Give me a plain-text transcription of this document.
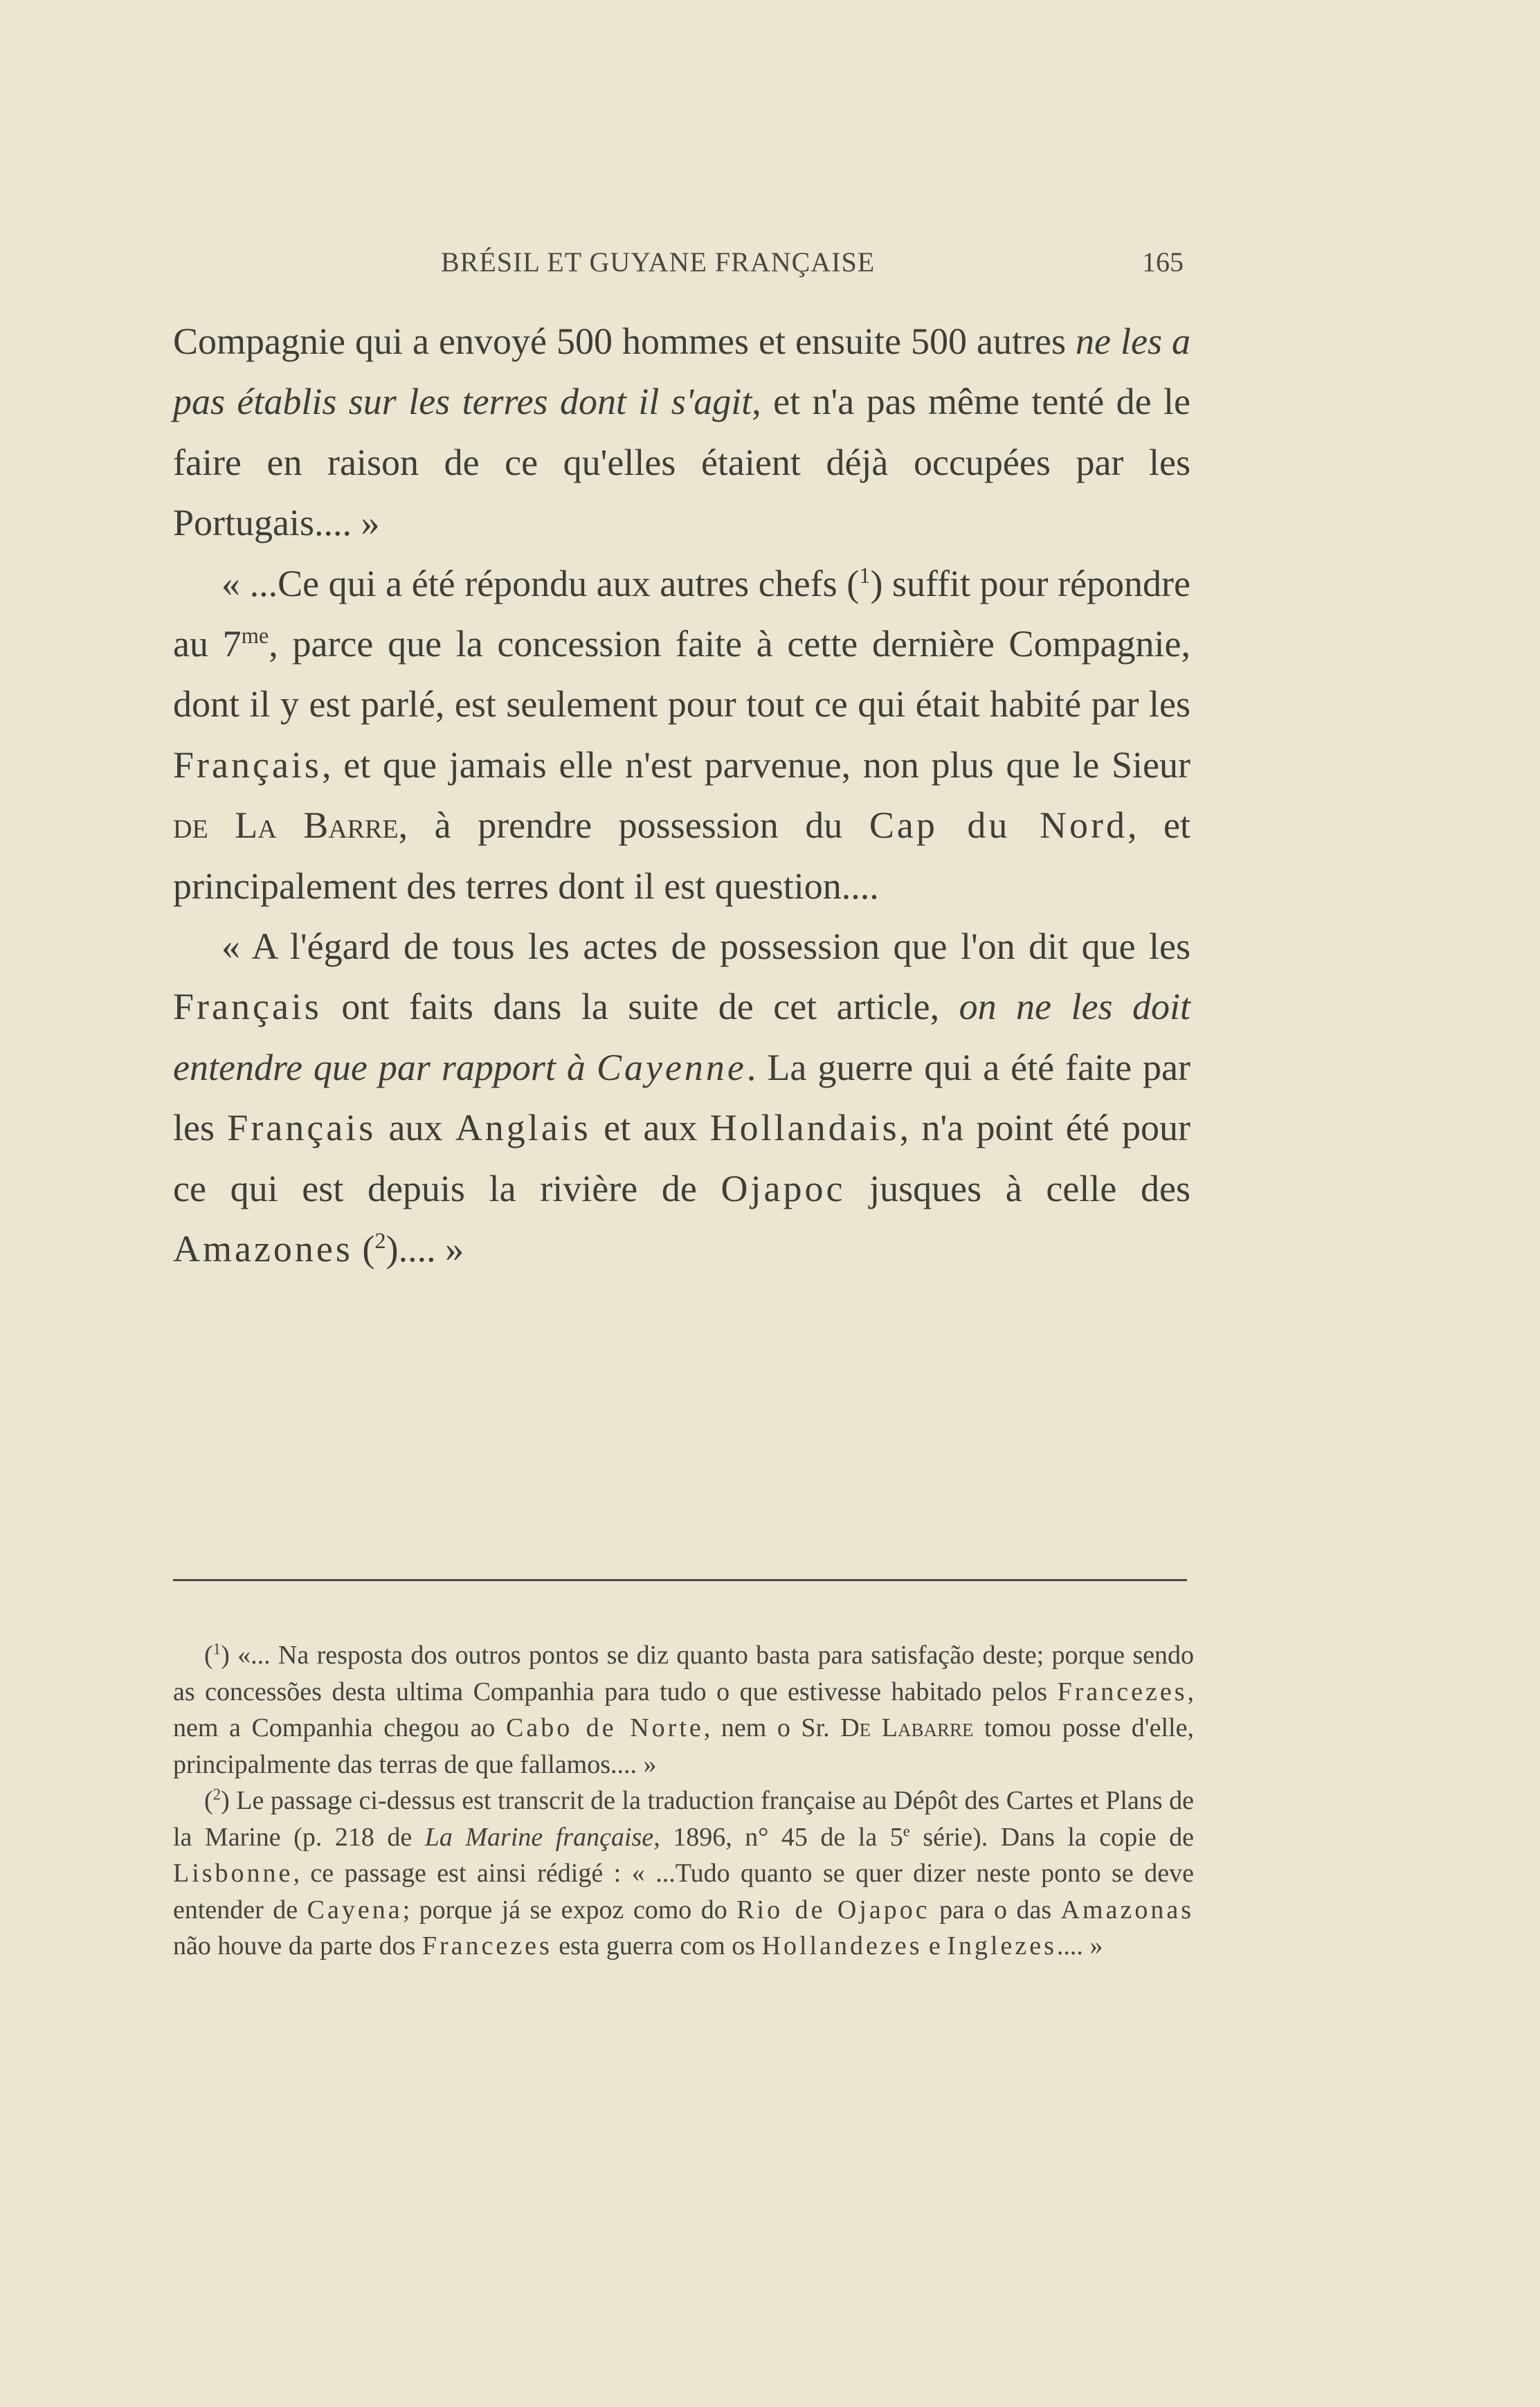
BRÉSIL ET GUYANE FRANÇAISE	165

Compagnie qui a envoyé 500 hommes et ensuite 500 autres ne les a pas établis sur les terres dont il s'agit, et n'a pas même tenté de le faire en raison de ce qu'elles étaient déjà occupées par les Portugais.... »

« ...Ce qui a été répondu aux autres chefs ($^1$) suffit pour répondre au $7^{me}$, parce que la concession faite à cette dernière Compagnie, dont il y est parlé, est seulement pour tout ce qui était habité par les Français, et que jamais elle n'est parvenue, non plus que le Sieur de La Barre, à prendre possession du Cap du Nord, et principalement des terres dont il est question....

« A l'égard de tous les actes de possession que l'on dit que les Français ont faits dans la suite de cet article, on ne les doit entendre que par rapport à Cayenne. La guerre qui a été faite par les Français aux Anglais et aux Hollandais, n'a point été pour ce qui est depuis la rivière de Ojapoc jusques à celle des Amazones ($^2$).... »

($^1$) «... Na resposta dos outros pontos se diz quanto basta para satisfação deste; porque sendo as concessões desta ultima Companhia para tudo o que estivesse habitado pelos Francezes, nem a Companhia chegou ao Cabo de Norte, nem o Sr. De Labarre tomou posse d'elle, principalmente das terras de que fallamos.... »

($^2$) Le passage ci-dessus est transcrit de la traduction française au Dépôt des Cartes et Plans de la Marine (p. 218 de La Marine française, 1896, n° 45 de la 5e série). Dans la copie de Lisbonne, ce passage est ainsi rédigé : « ...Tudo quanto se quer dizer neste ponto se deve entender de Cayena; porque já se expoz como do Rio de Ojapoc para o das Amazonas não houve da parte dos Francezes esta guerra com os Hollandezes e Inglezes.... »
